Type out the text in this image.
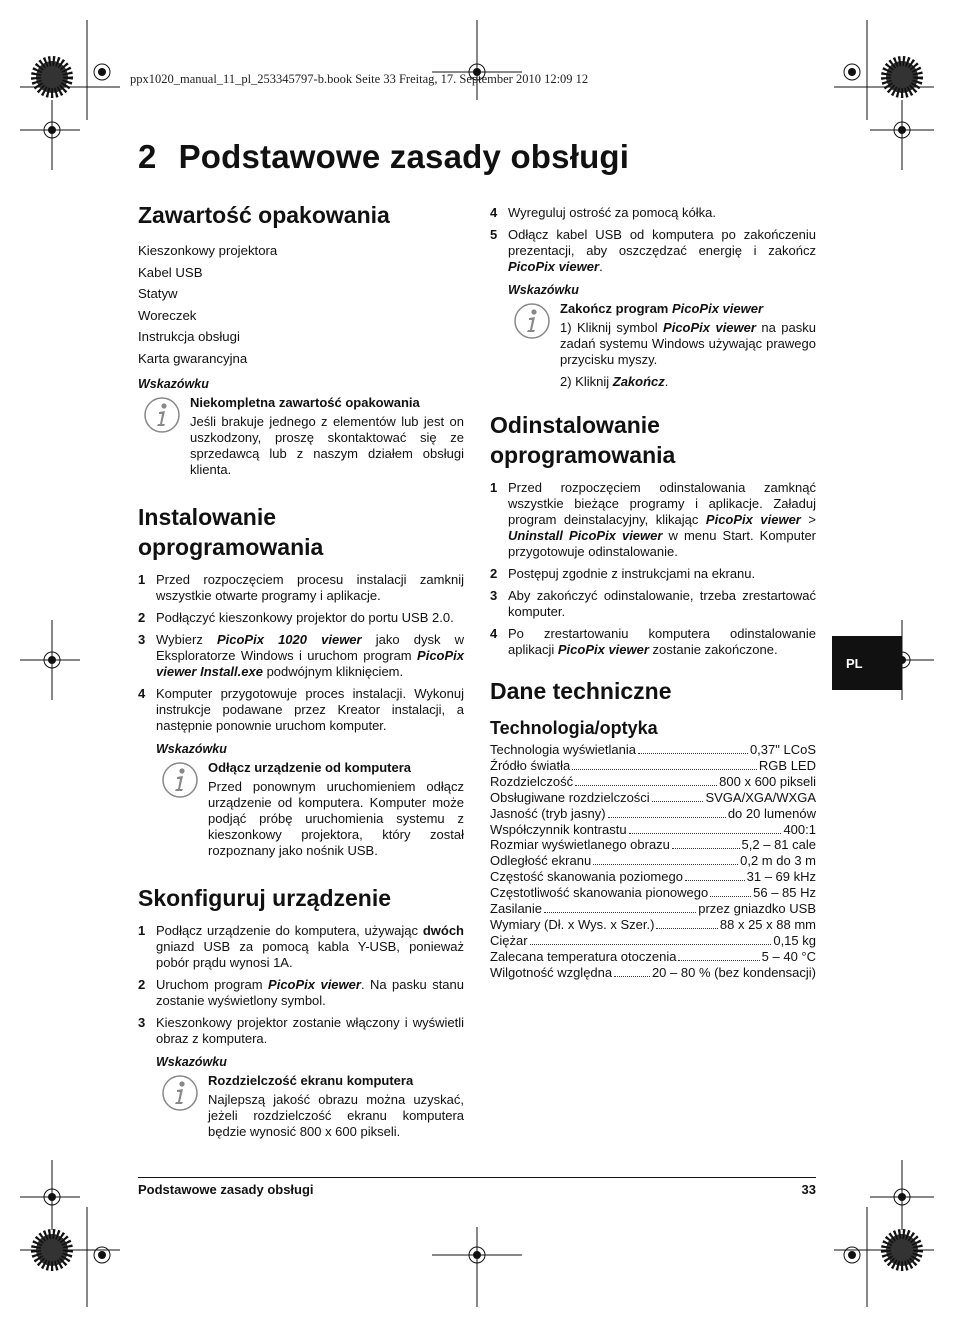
ppx1020_manual_11_pl_253345797-b.book Seite 33 Freitag, 17. September 2010 12:09 12
2 Podstawowe zasady obsługi
Zawartość opakowania
Kieszonkowy projektora
Kabel USB
Statyw
Woreczek
Instrukcja obsługi
Karta gwarancyjna
Wskazówku
Niekompletna zawartość opakowania
Jeśli brakuje jednego z elementów lub jest on uszkodzony, proszę skontaktować się ze sprzedawcą lub z naszym działem obsługi klienta.
Instalowanie oprogramowania
1 Przed rozpoczęciem procesu instalacji zamknij wszystkie otwarte programy i aplikacje.
2 Podłączyć kieszonkowy projektor do portu USB 2.0.
3 Wybierz PicoPix 1020 viewer jako dysk w Eksploratorze Windows i uruchom program PicoPix viewer Install.exe podwójnym kliknięciem.
4 Komputer przygotowuje proces instalacji. Wykonuj instrukcje podawane przez Kreator instalacji, a następnie ponownie uruchom komputer.
Wskazówku
Odłącz urządzenie od komputera
Przed ponownym uruchomieniem odłącz urządzenie od komputera. Komputer może podjąć próbę uruchomienia systemu z kieszonkowy projektora, który został rozpoznany jako nośnik USB.
Skonfiguruj urządzenie
1 Podłącz urządzenie do komputera, używając dwóch gniazd USB za pomocą kabla Y-USB, ponieważ pobór prądu wynosi 1A.
2 Uruchom program PicoPix viewer. Na pasku stanu zostanie wyświetlony symbol.
3 Kieszonkowy projektor zostanie włączony i wyświetli obraz z komputera.
Wskazówku
Rozdzielczość ekranu komputera
Najlepszą jakość obrazu można uzyskać, jeżeli rozdzielczość ekranu komputera będzie wynosić 800 x 600 pikseli.
4 Wyreguluj ostrość za pomocą kółka.
5 Odłącz kabel USB od komputera po zakończeniu prezentacji, aby oszczędzać energię i zakończ PicoPix viewer.
Wskazówku
Zakończ program PicoPix viewer
1) Kliknij symbol PicoPix viewer na pasku zadań systemu Windows używając prawego przycisku myszy.
2) Kliknij Zakończ.
Odinstalowanie oprogramowania
1 Przed rozpoczęciem odinstalowania zamknąć wszystkie bieżące programy i aplikacje. Załaduj program deinstalacyjny, klikając PicoPix viewer > Uninstall PicoPix viewer w menu Start. Komputer przygotowuje odinstalowanie.
2 Postępuj zgodnie z instrukcjami na ekranu.
3 Aby zakończyć odinstalowanie, trzeba zrestartować komputer.
4 Po zrestartowaniu komputera odinstalowanie aplikacji PicoPix viewer zostanie zakończone.
Dane techniczne
Technologia/optyka
Technologia wyświetlania	0,37" LCoS
Źródło światła	RGB LED
Rozdzielczość	800 x 600 pikseli
Obsługiwane rozdzielczości	SVGA/XGA/WXGA
Jasność (tryb jasny)	do 20 lumenów
Współczynnik kontrastu	400:1
Rozmiar wyświetlanego obrazu	5,2 – 81 cale
Odległość ekranu	0,2 m do 3 m
Częstość skanowania poziomego	31 – 69 kHz
Częstotliwość skanowania pionowego	56 – 85 Hz
Zasilanie	przez gniazdko USB
Wymiary (Dł. x Wys. x Szer.)	88 x 25 x 88 mm
Ciężar	0,15 kg
Zalecana temperatura otoczenia	5 – 40 °C
Wilgotność względna	20 – 80 % (bez kondensacji)
PL
Podstawowe zasady obsługi	33
